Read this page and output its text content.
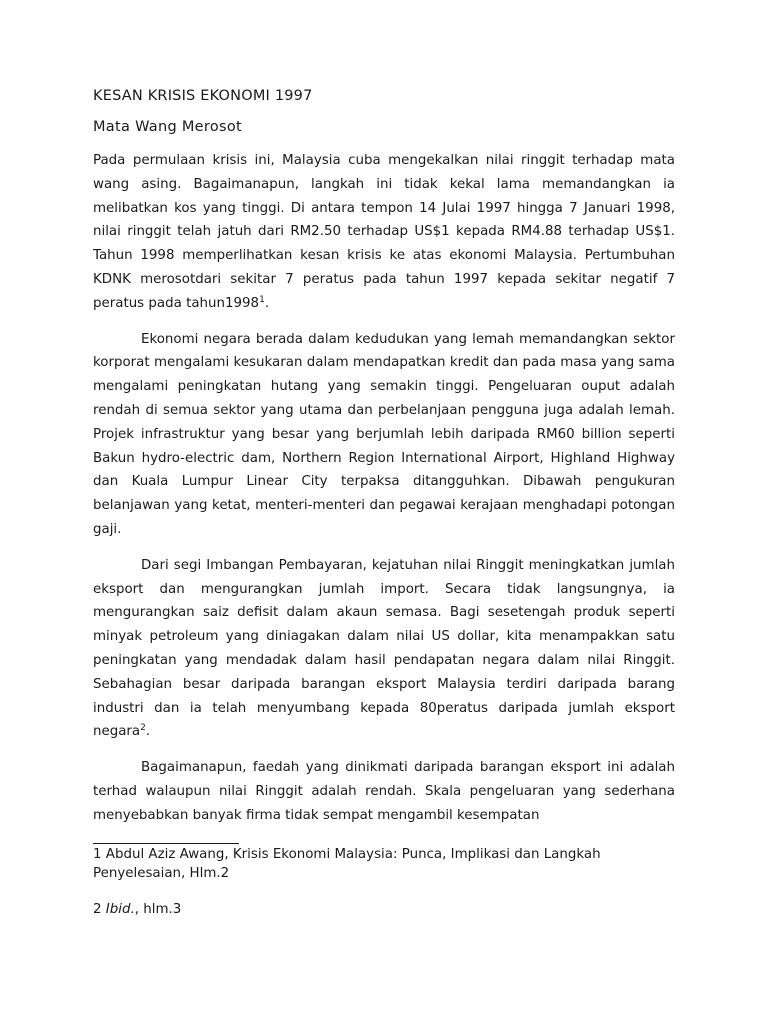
KESAN KRISIS EKONOMI 1997
Mata Wang Merosot

Pada permulaan krisis ini, Malaysia cuba mengekalkan nilai ringgit terhadap mata wang asing. Bagaimanapun, langkah ini tidak kekal lama memandangkan ia melibatkan kos yang tinggi. Di antara tempon 14 Julai 1997 hingga 7 Januari 1998, nilai ringgit telah jatuh dari RM2.50 terhadap US$1 kepada RM4.88 terhadap US$1. Tahun 1998 memperlihatkan kesan krisis ke atas ekonomi Malaysia. Pertumbuhan KDNK merosotdari sekitar 7 peratus pada tahun 1997 kepada sekitar negatif 7 peratus pada tahun1998$^1$.

Ekonomi negara berada dalam kedudukan yang lemah memandangkan sektor korporat mengalami kesukaran dalam mendapatkan kredit dan pada masa yang sama mengalami peningkatan hutang yang semakin tinggi. Pengeluaran ouput adalah rendah di semua sektor yang utama dan perbelanjaan pengguna juga adalah lemah. Projek infrastruktur yang besar yang berjumlah lebih daripada RM60 billion seperti Bakun hydro-electric dam, Northern Region International Airport, Highland Highway dan Kuala Lumpur Linear City terpaksa ditangguhkan. Dibawah pengukuran belanjawan yang ketat, menteri-menteri dan pegawai kerajaan menghadapi potongan gaji.

Dari segi Imbangan Pembayaran, kejatuhan nilai Ringgit meningkatkan jumlah eksport dan mengurangkan jumlah import. Secara tidak langsungnya, ia mengurangkan saiz defisit dalam akaun semasa. Bagi sesetengah produk seperti minyak petroleum yang diniagakan dalam nilai US dollar, kita menampakkan satu peningkatan yang mendadak dalam hasil pendapatan negara dalam nilai Ringgit. Sebahagian besar daripada barangan eksport Malaysia terdiri daripada barang industri dan ia telah menyumbang kepada 80peratus daripada jumlah eksport negara$^2$.

Bagaimanapun, faedah yang dinikmati daripada barangan eksport ini adalah terhad walaupun nilai Ringgit adalah rendah. Skala pengeluaran yang sederhana menyebabkan banyak firma tidak sempat mengambil kesempatan

1 Abdul Aziz Awang, Krisis Ekonomi Malaysia: Punca, Implikasi dan Langkah Penyelesaian, Hlm.2

2 Ibid., hlm.3
